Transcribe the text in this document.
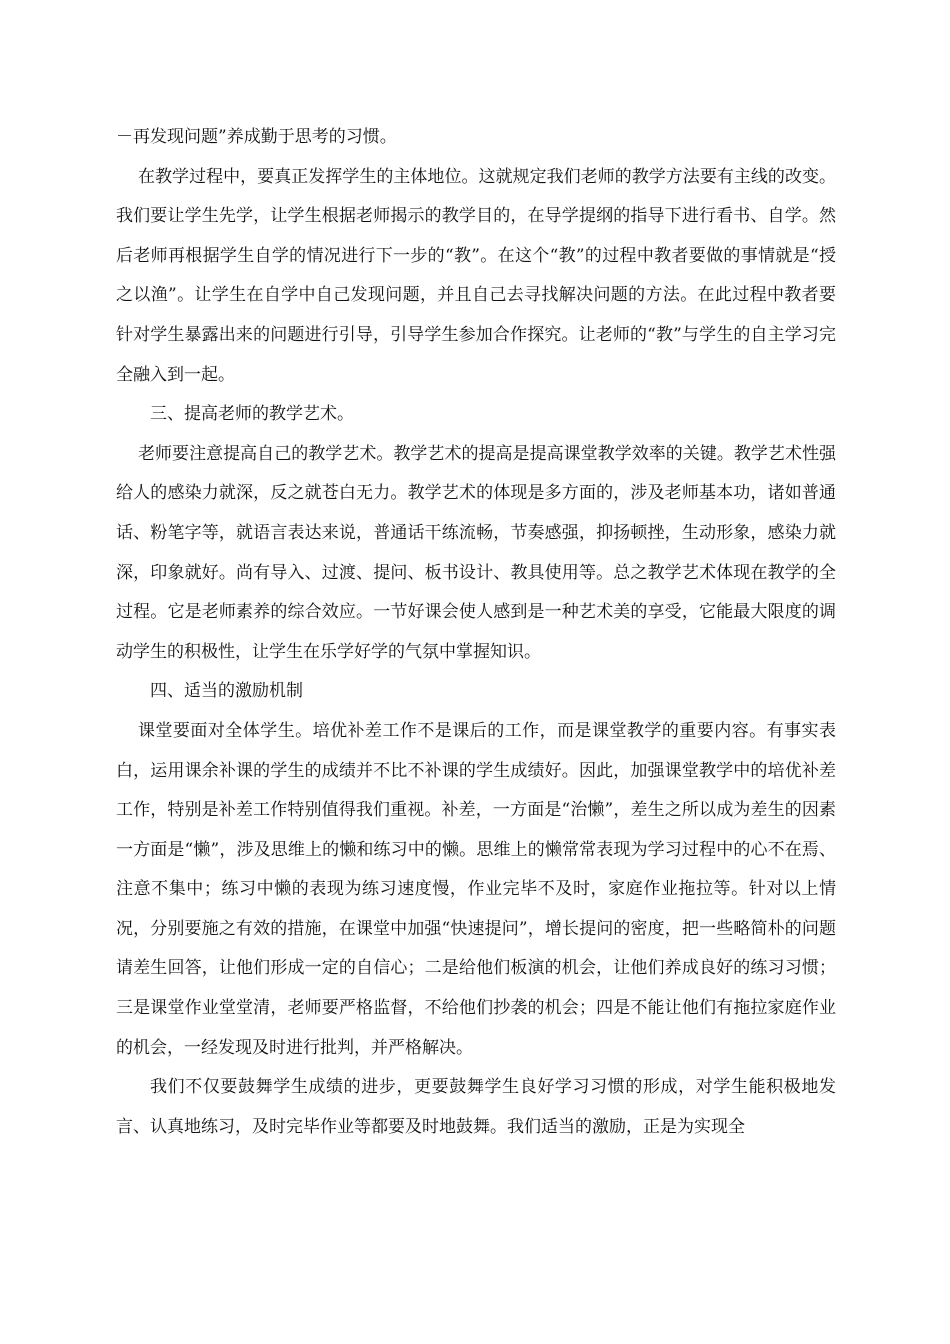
－再发现问题”养成勤于思考的习惯。

在教学过程中，要真正发挥学生的主体地位。这就规定我们老师的教学方法要有主线的改变。我们要让学生先学，让学生根据老师揭示的教学目的，在导学提纲的指导下进行看书、自学。然后老师再根据学生自学的情况进行下一步的“教”。在这个“教”的过程中教者要做的事情就是“授之以渔”。让学生在自学中自己发现问题，并且自己去寻找解决问题的方法。在此过程中教者要针对学生暴露出来的问题进行引导，引导学生参加合作探究。让老师的“教”与学生的自主学习完全融入到一起。

三、提高老师的教学艺术。

老师要注意提高自己的教学艺术。教学艺术的提高是提高课堂教学效率的关键。教学艺术性强给人的感染力就深，反之就苍白无力。教学艺术的体现是多方面的，涉及老师基本功，诸如普通话、粉笔字等，就语言表达来说，普通话干练流畅，节奏感强，抑扬顿挫，生动形象，感染力就深，印象就好。尚有导入、过渡、提问、板书设计、教具使用等。总之教学艺术体现在教学的全过程。它是老师素养的综合效应。一节好课会使人感到是一种艺术美的享受，它能最大限度的调动学生的积极性，让学生在乐学好学的气氛中掌握知识。

四、适当的激励机制

课堂要面对全体学生。培优补差工作不是课后的工作，而是课堂教学的重要内容。有事实表白，运用课余补课的学生的成绩并不比不补课的学生成绩好。因此，加强课堂教学中的培优补差工作，特别是补差工作特别值得我们重视。补差，一方面是“治懒”，差生之所以成为差生的因素一方面是“懒”，涉及思维上的懒和练习中的懒。思维上的懒常常表现为学习过程中的心不在焉、注意不集中；练习中懒的表现为练习速度慢，作业完毕不及时，家庭作业拖拉等。针对以上情况，分别要施之有效的措施，在课堂中加强“快速提问”，增长提问的密度，把一些略简朴的问题请差生回答，让他们形成一定的自信心；二是给他们板演的机会，让他们养成良好的练习习惯；三是课堂作业堂堂清，老师要严格监督，不给他们抄袭的机会；四是不能让他们有拖拉家庭作业的机会，一经发现及时进行批判，并严格解决。

我们不仅要鼓舞学生成绩的进步，更要鼓舞学生良好学习习惯的形成，对学生能积极地发言、认真地练习，及时完毕作业等都要及时地鼓舞。我们适当的激励，正是为实现全
